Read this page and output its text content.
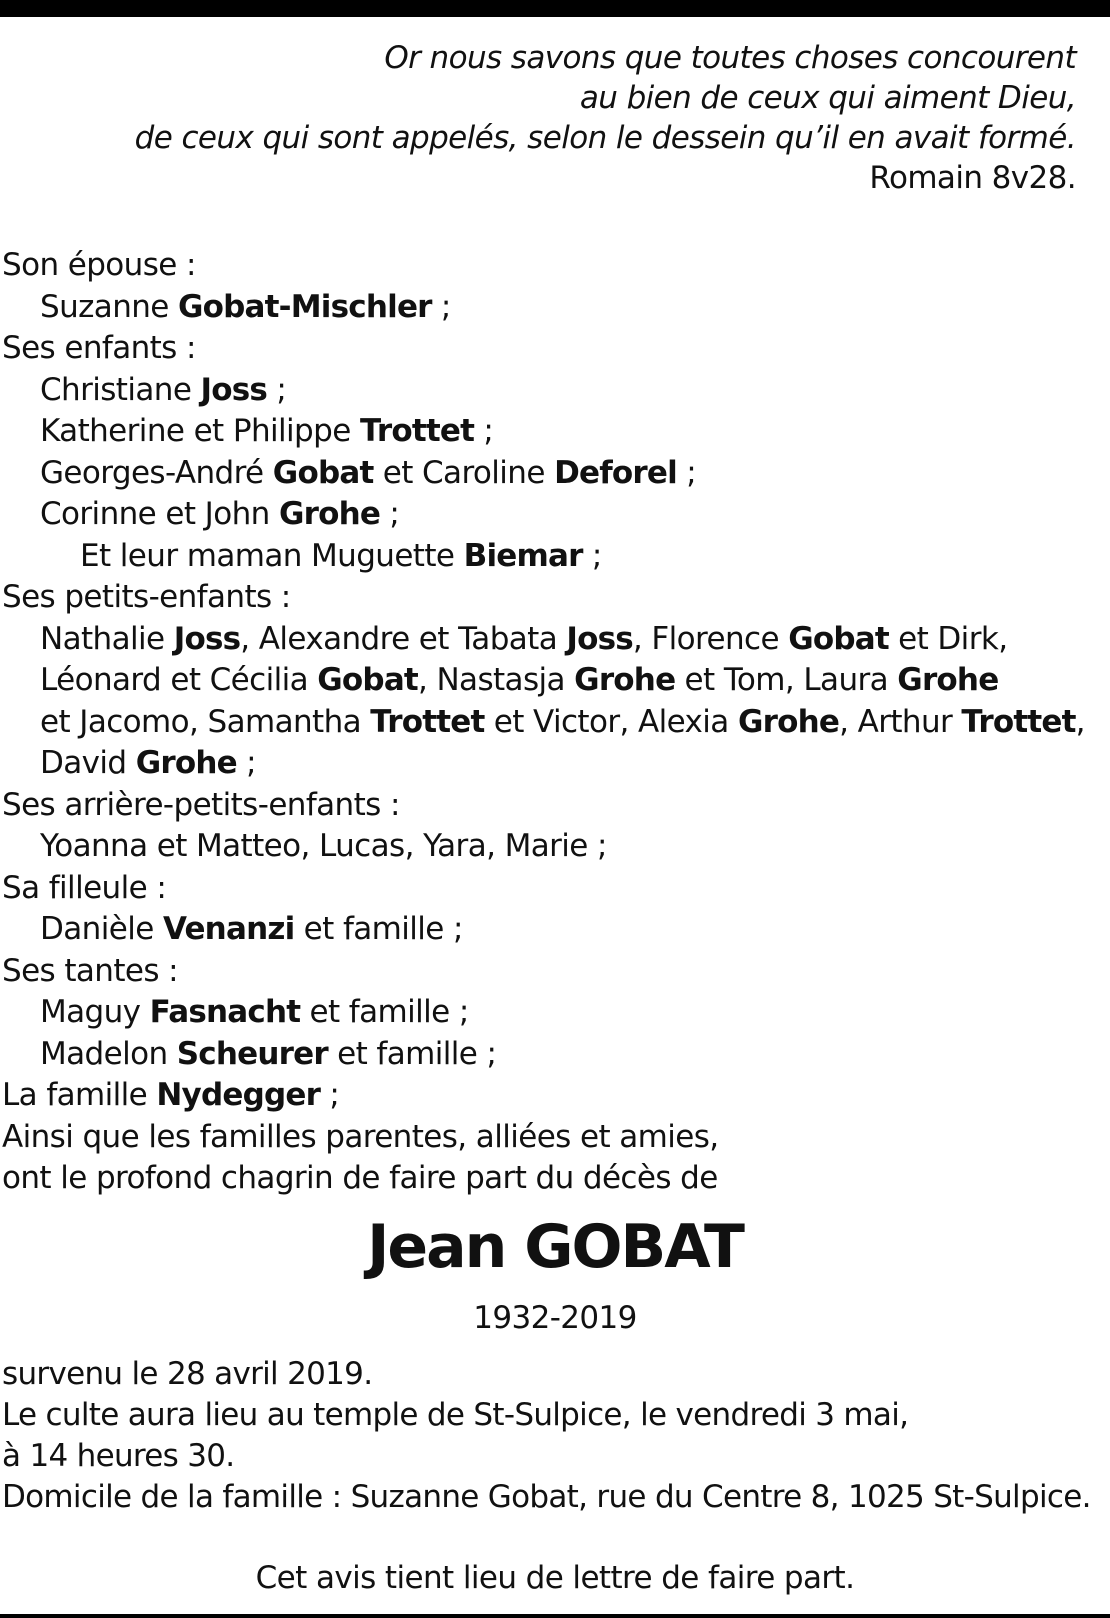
Or nous savons que toutes choses concourent
au bien de ceux qui aiment Dieu,
de ceux qui sont appelés, selon le dessein qu’il en avait formé.
Romain 8v28.
Son épouse :
Suzanne Gobat-Mischler ;
Ses enfants :
Christiane Joss ;
Katherine et Philippe Trottet ;
Georges-André Gobat et Caroline Deforel ;
Corinne et John Grohe ;
Et leur maman Muguette Biemar ;
Ses petits-enfants :
Nathalie Joss, Alexandre et Tabata Joss, Florence Gobat et Dirk,
Léonard et Cécilia Gobat, Nastasja Grohe et Tom, Laura Grohe
et Jacomo, Samantha Trottet et Victor, Alexia Grohe, Arthur Trottet,
David Grohe ;
Ses arrière-petits-enfants :
Yoanna et Matteo, Lucas, Yara, Marie ;
Sa filleule :
Danièle Venanzi et famille ;
Ses tantes :
Maguy Fasnacht et famille ;
Madelon Scheurer et famille ;
La famille Nydegger ;
Ainsi que les familles parentes, alliées et amies,
ont le profond chagrin de faire part du décès de
Jean GOBAT
1932-2019
survenu le 28 avril 2019.
Le culte aura lieu au temple de St-Sulpice, le vendredi 3 mai,
à 14 heures 30.
Domicile de la famille : Suzanne Gobat, rue du Centre 8, 1025 St-Sulpice.
Cet avis tient lieu de lettre de faire part.
